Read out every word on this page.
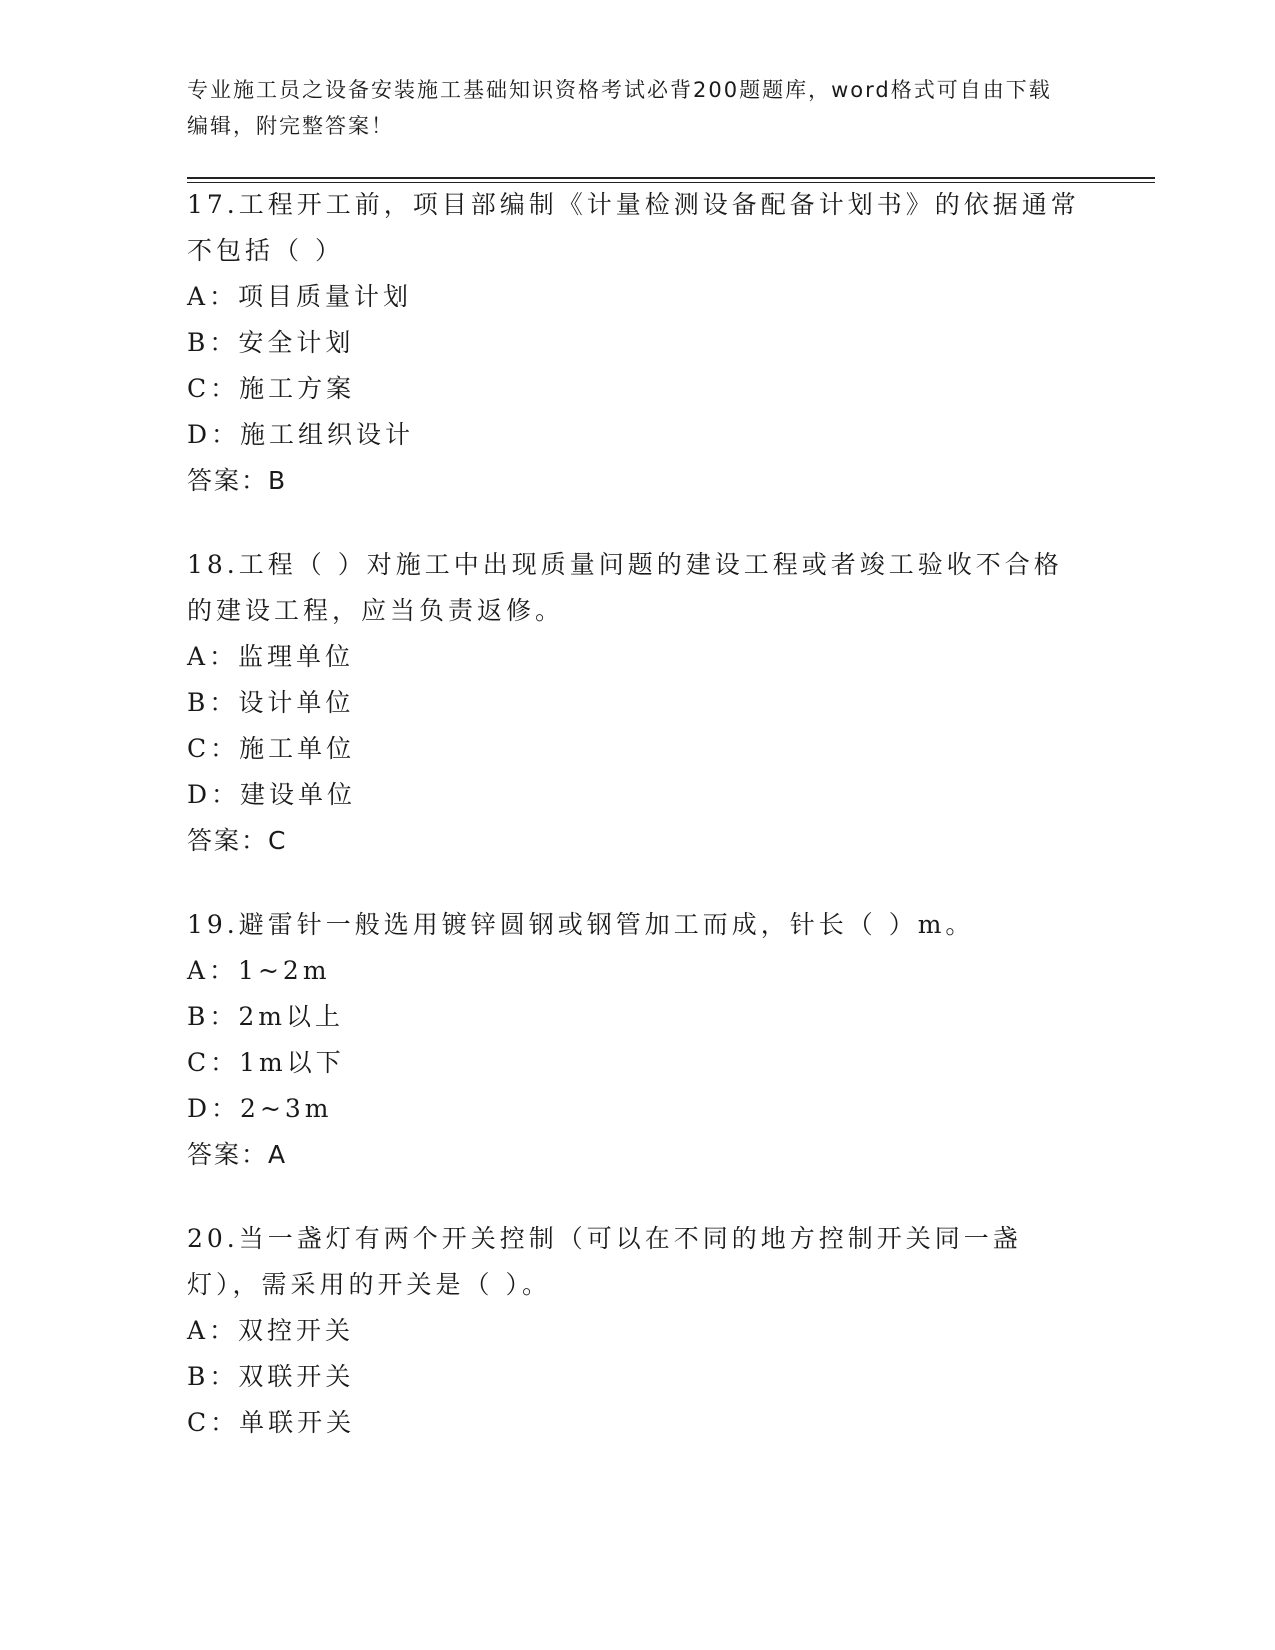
专业施工员之设备安装施工基础知识资格考试必背200题题库，word格式可自由下载编辑，附完整答案！

17.工程开工前，项目部编制《计量检测设备配备计划书》的依据通常不包括（ ）

A：项目质量计划

B：安全计划

C：施工方案

D：施工组织设计

答案：B

18.工程（ ）对施工中出现质量问题的建设工程或者竣工验收不合格的建设工程，应当负责返修。

A：监理单位

B：设计单位

C：施工单位

D：建设单位

答案：C

19.避雷针一般选用镀锌圆钢或钢管加工而成，针长（ ）m。

A：1~2m

B：2m以上

C：1m以下

D：2~3m

答案：A

20.当一盏灯有两个开关控制（可以在不同的地方控制开关同一盏灯），需采用的开关是（ ）。

A：双控开关

B：双联开关

C：单联开关
